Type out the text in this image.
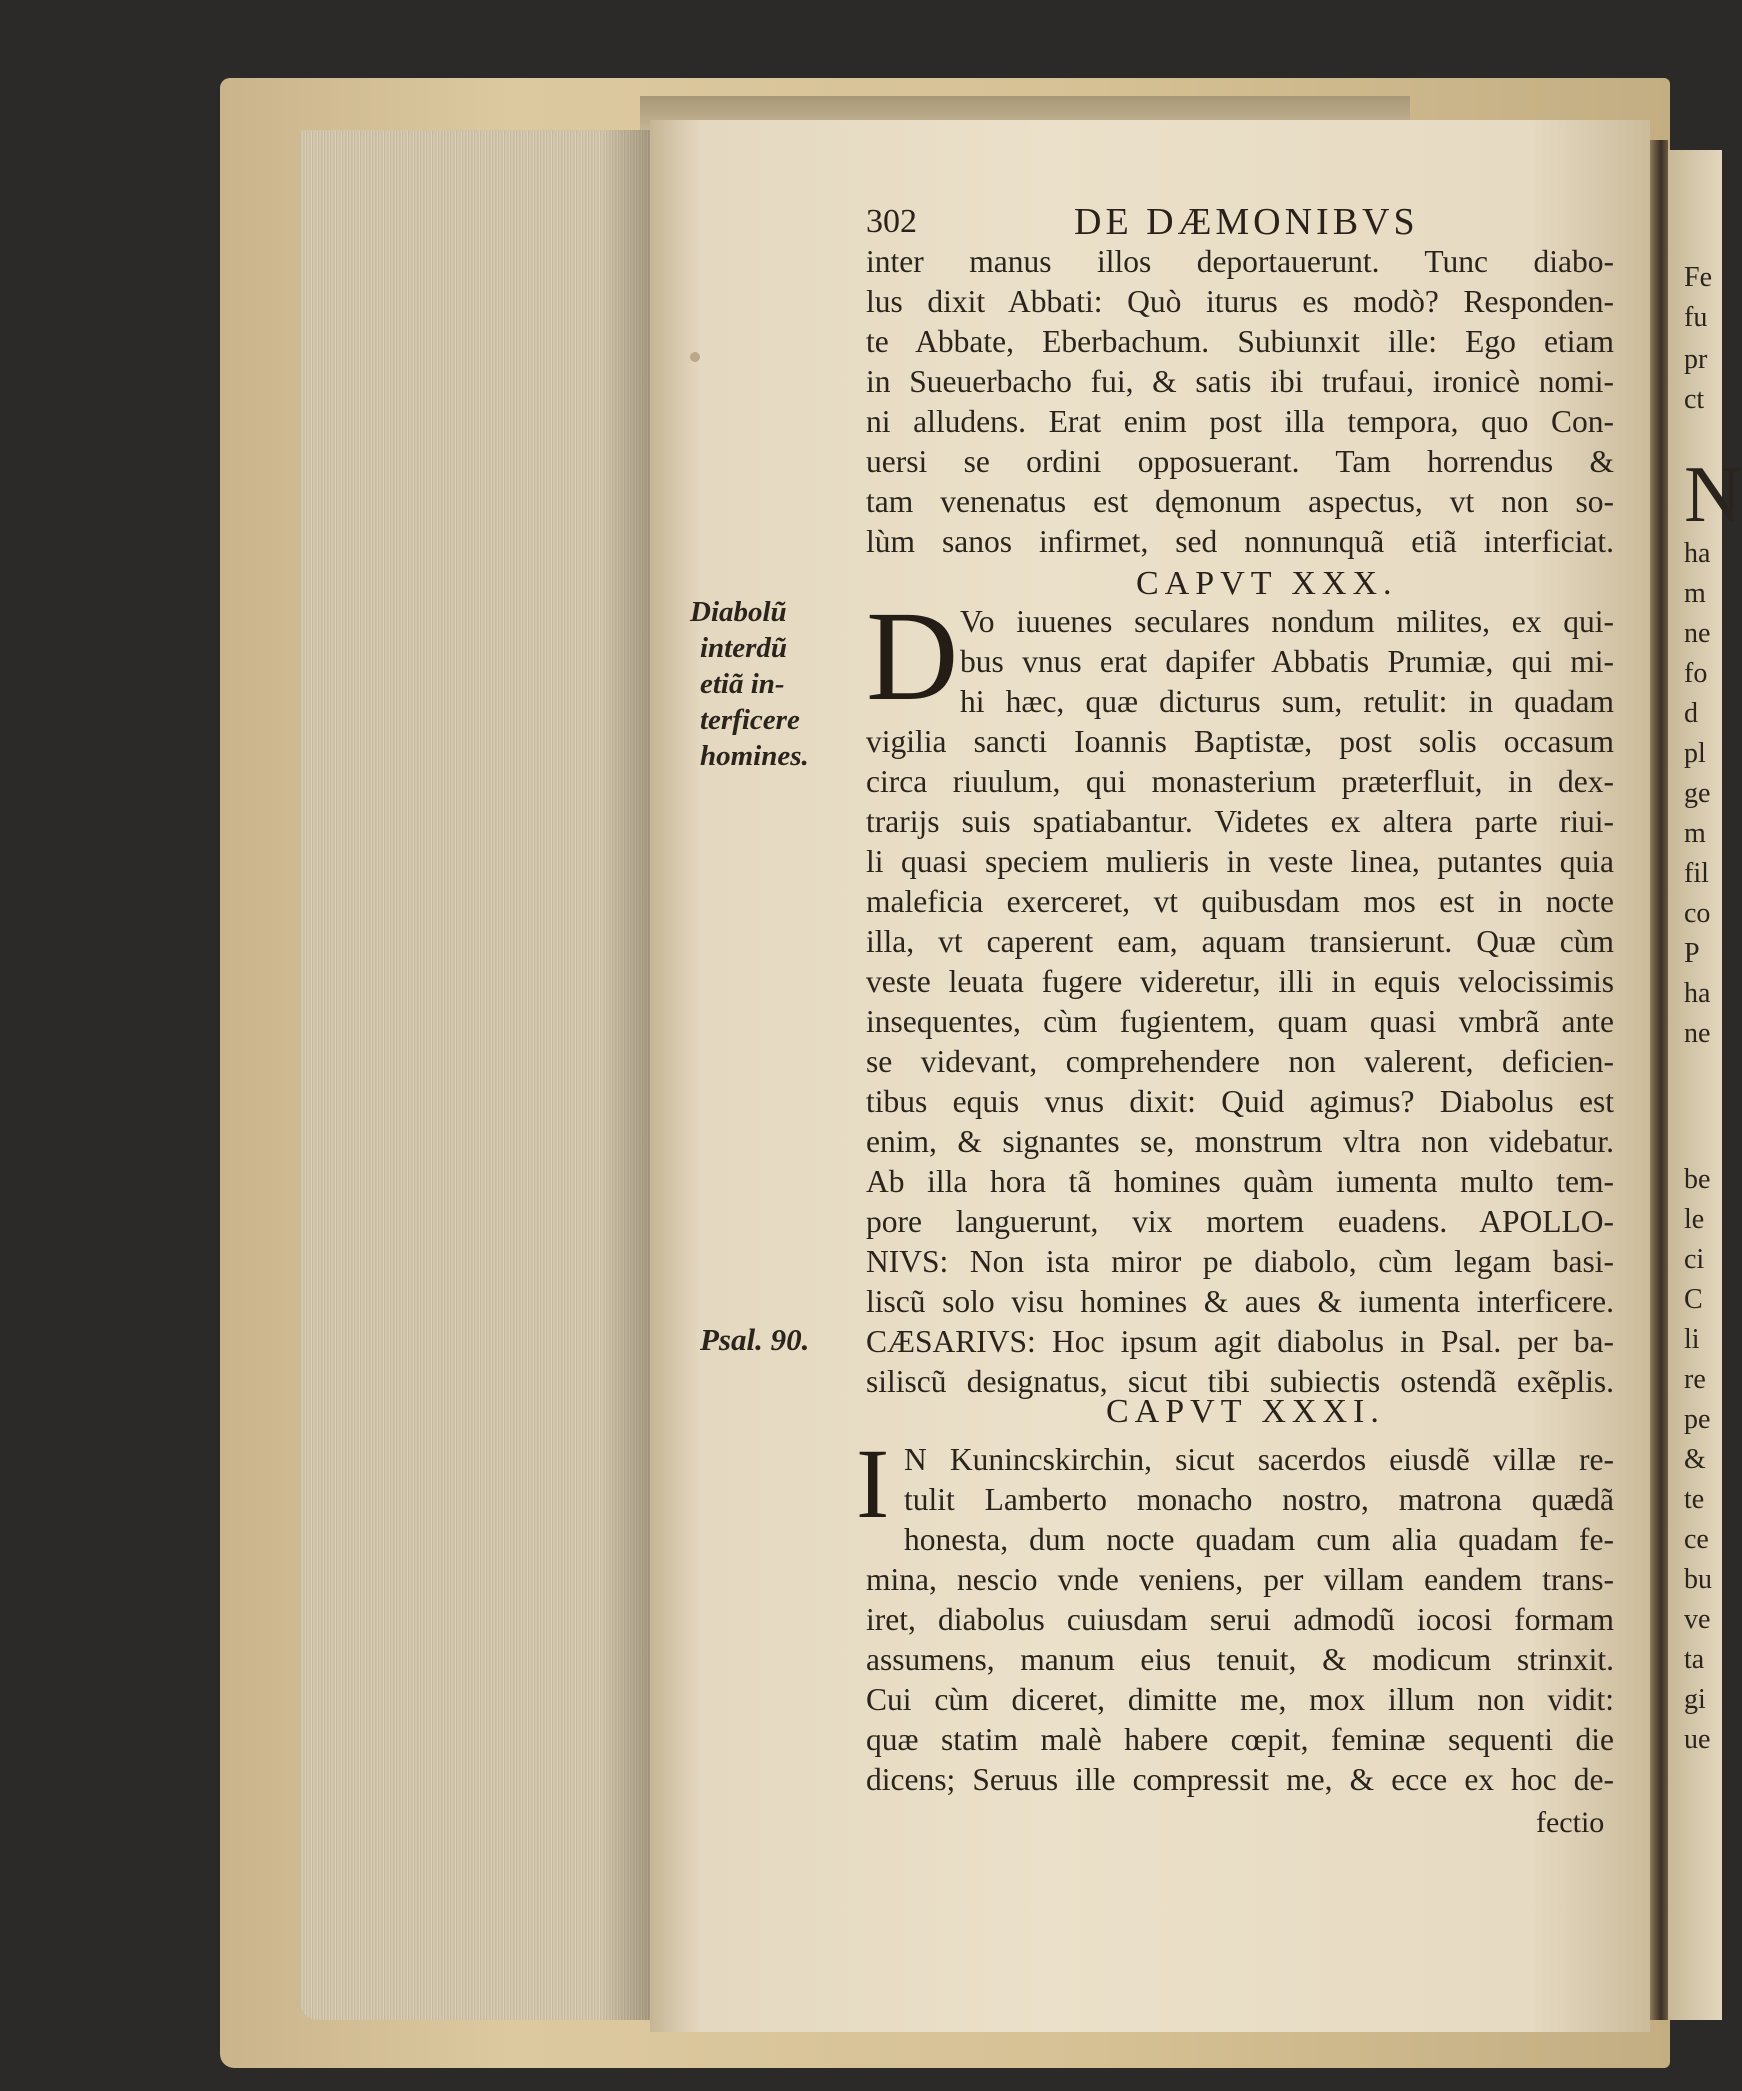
302	DE DÆMONIBVS
inter manus illos deportauerunt. Tunc diabo-
lus dixit Abbati: Quò iturus es modò? Responden-
te Abbate, Eberbachum. Subiunxit ille: Ego etiam
in Sueuerbacho fui, & satis ibi trufaui, ironicè nomi-
ni alludens. Erat enim post illa tempora, quo Con-
uersi se ordini opposuerant. Tam horrendus &
tam venenatus est dęmonum aspectus, vt non so-
lùm sanos infirmet, sed nonnunquã etiã interficiat.
CAPVT XXX.
D Vo iuuenes seculares nondum milites, ex qui-
bus vnus erat dapifer Abbatis Prumiæ, qui mi-
hi hæc, quæ dicturus sum, retulit: in quadam
vigilia sancti Ioannis Baptistæ, post solis occasum
circa riuulum, qui monasterium præterfluit, in dex-
trarijs suis spatiabantur. Videtes ex altera parte riui-
li quasi speciem mulieris in veste linea, putantes quia
maleficia exerceret, vt quibusdam mos est in nocte
illa, vt caperent eam, aquam transierunt. Quæ cùm
veste leuata fugere videretur, illi in equis velocissimis
insequentes, cùm fugientem, quam quasi vmbrã ante
se videvant, comprehendere non valerent, deficien-
tibus equis vnus dixit: Quid agimus? Diabolus est
enim, & signantes se, monstrum vltra non videbatur.
Ab illa hora tã homines quàm iumenta multo tem-
pore languerunt, vix mortem euadens. APOLLO-
NIVS: Non ista miror pe diabolo, cùm legam basi-
liscũ solo visu homines & aues & iumenta interficere.
CÆSARIVS: Hoc ipsum agit diabolus in Psal. per ba-
siliscũ designatus, sicut tibi subiectis ostendã exẽplis.
CAPVT XXXI.
I N Kunincskirchin, sicut sacerdos eiusdẽ villæ re-
tulit Lamberto monacho nostro, matrona quædã
honesta, dum nocte quadam cum alia quadam fe-
mina, nescio vnde veniens, per villam eandem trans-
iret, diabolus cuiusdam serui admodũ iocosi formam
assumens, manum eius tenuit, & modicum strinxit.
Cui cùm diceret, dimitte me, mox illum non vidit:
quæ statim malè habere cœpit, feminæ sequenti die
dicens; Seruus ille compressit me, & ecce ex hoc de-
fectio
Diabolũ
interdũ
etiã in-
terficere
homines.
Psal. 90.
Fe
fu
pr
ct
N
ha
m
ne
fo
d
pl
ge
m
fil
co
P
ha
ne
be
le
ci
C
li
re
pe
&
te
ce
bu
ve
ta
gi
ue
